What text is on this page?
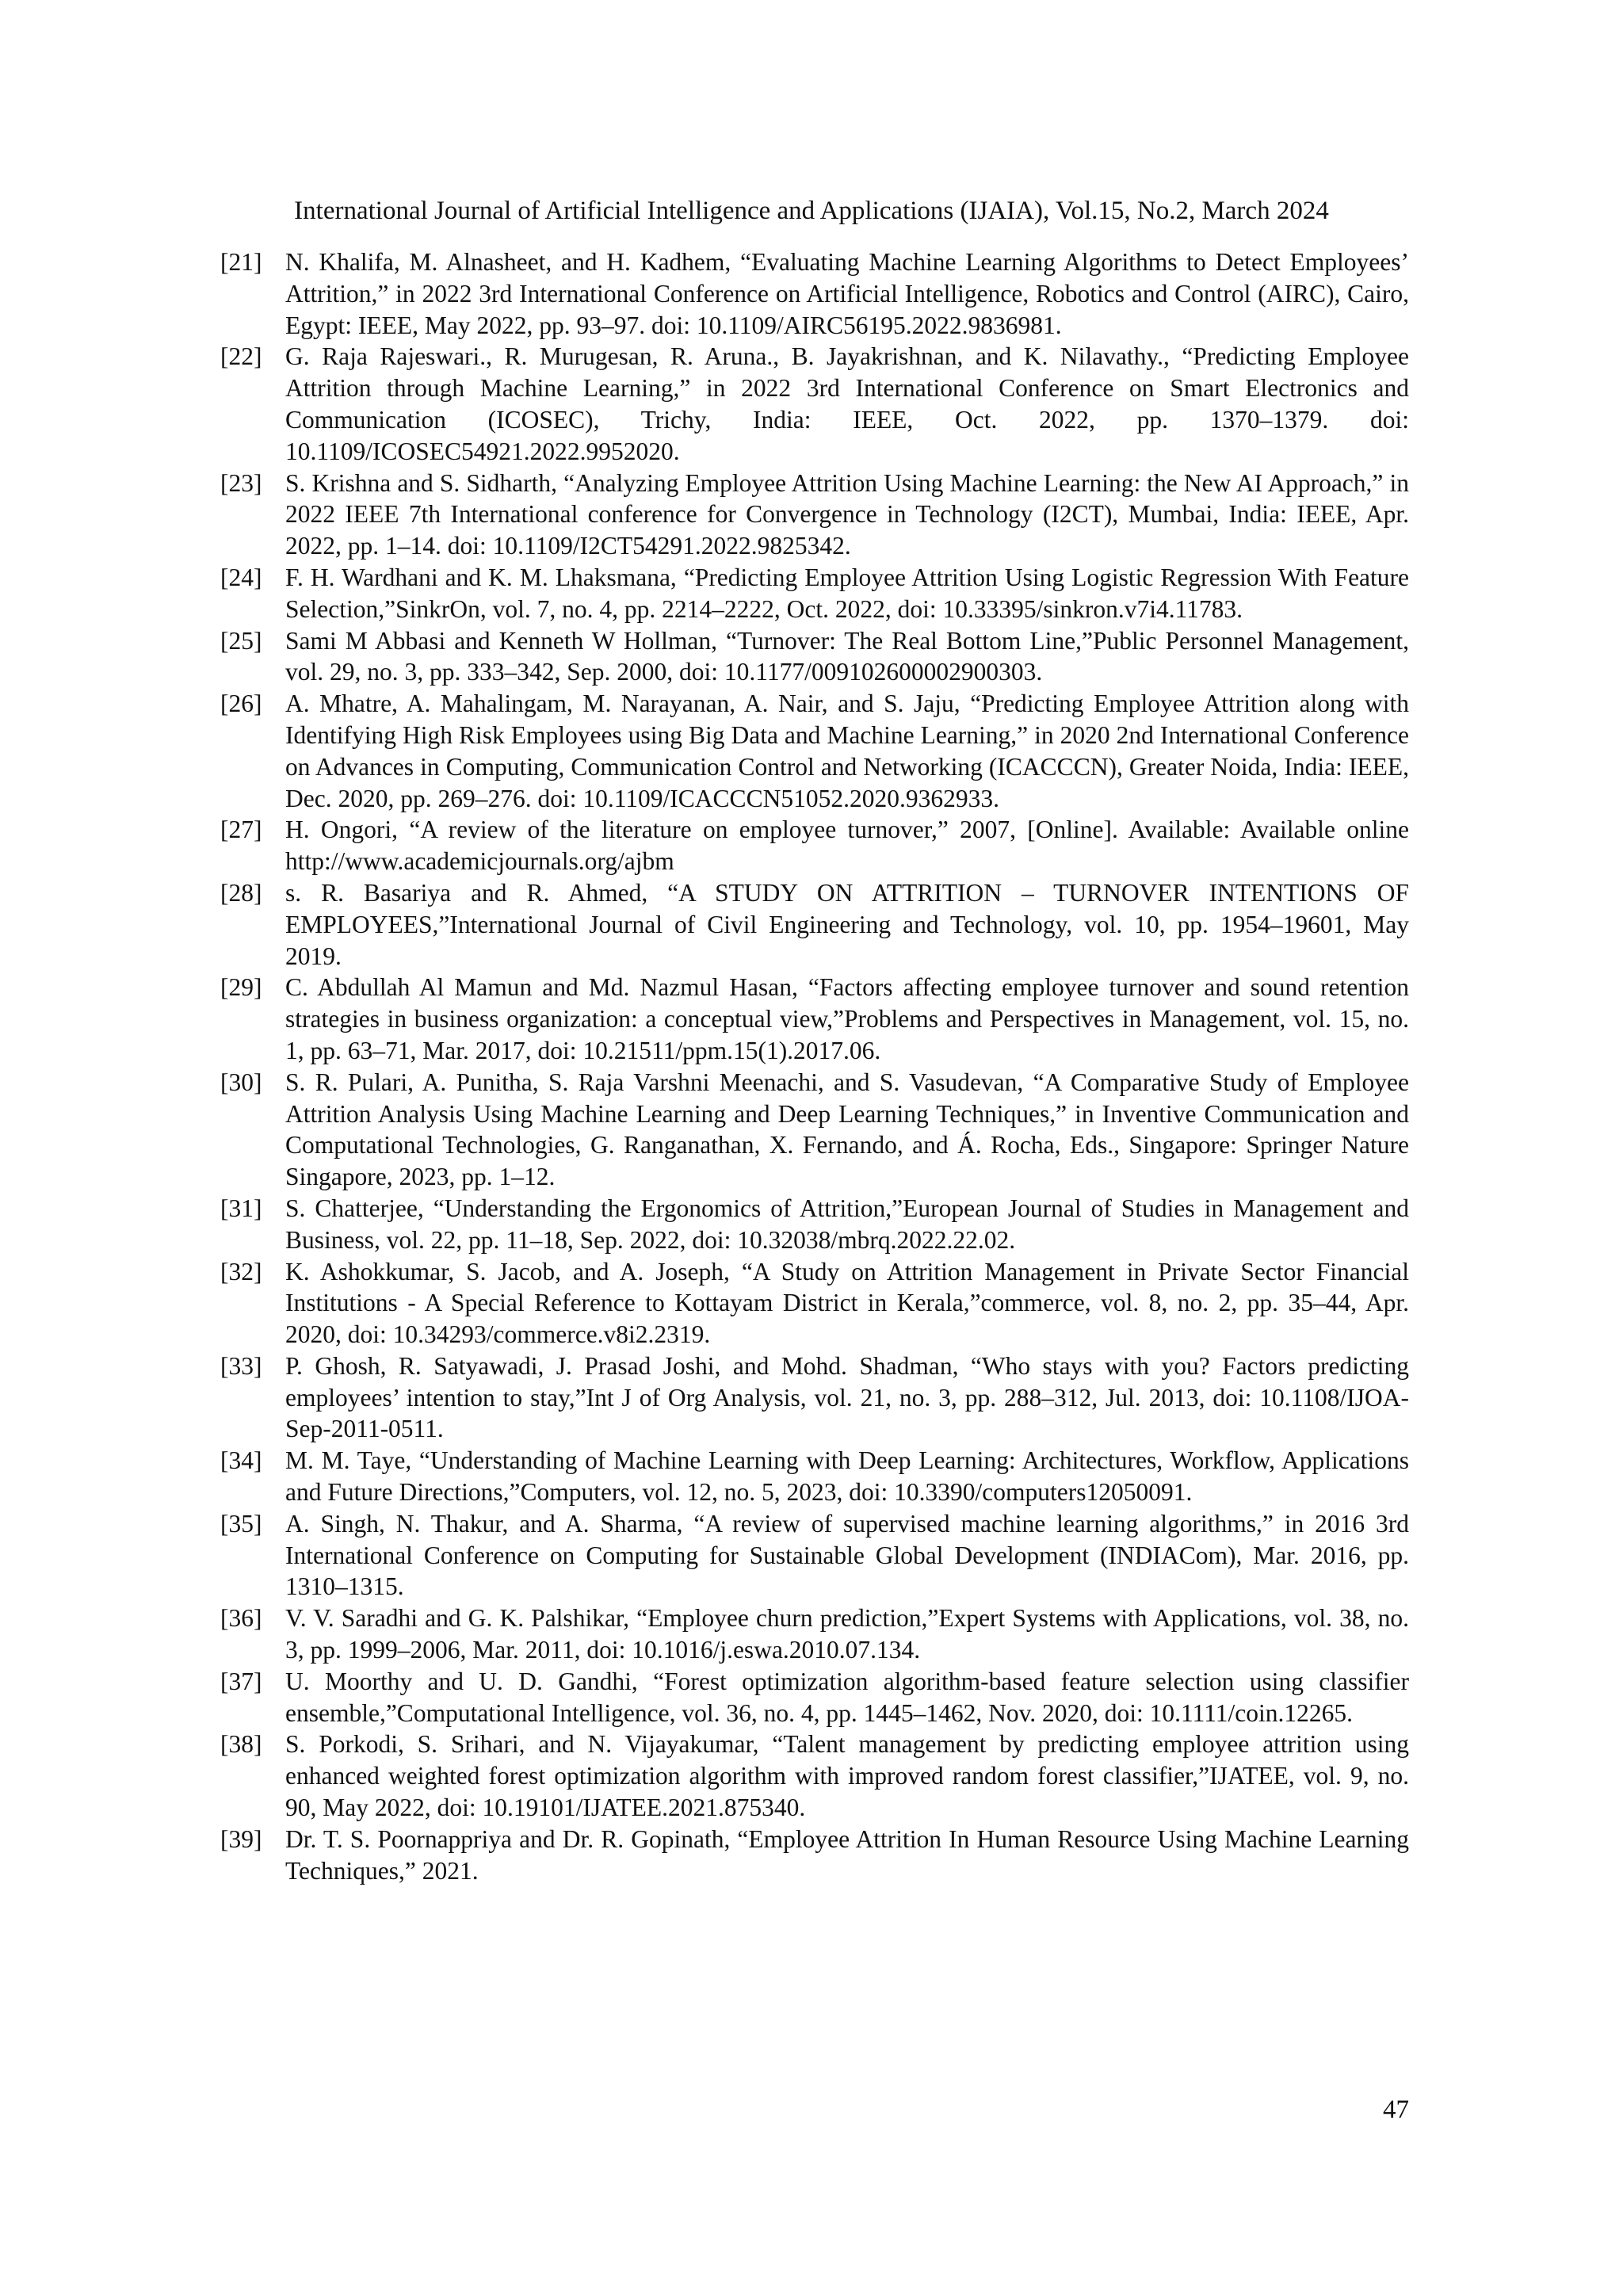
International Journal of Artificial Intelligence and Applications (IJAIA), Vol.15, No.2, March 2024
[21] N. Khalifa, M. Alnasheet, and H. Kadhem, “Evaluating Machine Learning Algorithms to Detect Employees’ Attrition,” in 2022 3rd International Conference on Artificial Intelligence, Robotics and Control (AIRC), Cairo, Egypt: IEEE, May 2022, pp. 93–97. doi: 10.1109/AIRC56195.2022.9836981.
[22] G. Raja Rajeswari., R. Murugesan, R. Aruna., B. Jayakrishnan, and K. Nilavathy., “Predicting Employee Attrition through Machine Learning,” in 2022 3rd International Conference on Smart Electronics and Communication (ICOSEC), Trichy, India: IEEE, Oct. 2022, pp. 1370–1379. doi: 10.1109/ICOSEC54921.2022.9952020.
[23] S. Krishna and S. Sidharth, “Analyzing Employee Attrition Using Machine Learning: the New AI Approach,” in 2022 IEEE 7th International conference for Convergence in Technology (I2CT), Mumbai, India: IEEE, Apr. 2022, pp. 1–14. doi: 10.1109/I2CT54291.2022.9825342.
[24] F. H. Wardhani and K. M. Lhaksmana, “Predicting Employee Attrition Using Logistic Regression With Feature Selection,”SinkrOn, vol. 7, no. 4, pp. 2214–2222, Oct. 2022, doi: 10.33395/sinkron.v7i4.11783.
[25] Sami M Abbasi and Kenneth W Hollman, “Turnover: The Real Bottom Line,”Public Personnel Management, vol. 29, no. 3, pp. 333–342, Sep. 2000, doi: 10.1177/009102600002900303.
[26] A. Mhatre, A. Mahalingam, M. Narayanan, A. Nair, and S. Jaju, “Predicting Employee Attrition along with Identifying High Risk Employees using Big Data and Machine Learning,” in 2020 2nd International Conference on Advances in Computing, Communication Control and Networking (ICACCCN), Greater Noida, India: IEEE, Dec. 2020, pp. 269–276. doi: 10.1109/ICACCCN51052.2020.9362933.
[27] H. Ongori, “A review of the literature on employee turnover,” 2007, [Online]. Available: Available online http://www.academicjournals.org/ajbm
[28] s. R. Basariya and R. Ahmed, “A STUDY ON ATTRITION – TURNOVER INTENTIONS OF EMPLOYEES,”International Journal of Civil Engineering and Technology, vol. 10, pp. 1954–19601, May 2019.
[29] C. Abdullah Al Mamun and Md. Nazmul Hasan, “Factors affecting employee turnover and sound retention strategies in business organization: a conceptual view,”Problems and Perspectives in Management, vol. 15, no. 1, pp. 63–71, Mar. 2017, doi: 10.21511/ppm.15(1).2017.06.
[30] S. R. Pulari, A. Punitha, S. Raja Varshni Meenachi, and S. Vasudevan, “A Comparative Study of Employee Attrition Analysis Using Machine Learning and Deep Learning Techniques,” in Inventive Communication and Computational Technologies, G. Ranganathan, X. Fernando, and Á. Rocha, Eds., Singapore: Springer Nature Singapore, 2023, pp. 1–12.
[31] S. Chatterjee, “Understanding the Ergonomics of Attrition,”European Journal of Studies in Management and Business, vol. 22, pp. 11–18, Sep. 2022, doi: 10.32038/mbrq.2022.22.02.
[32] K. Ashokkumar, S. Jacob, and A. Joseph, “A Study on Attrition Management in Private Sector Financial Institutions - A Special Reference to Kottayam District in Kerala,”commerce, vol. 8, no. 2, pp. 35–44, Apr. 2020, doi: 10.34293/commerce.v8i2.2319.
[33] P. Ghosh, R. Satyawadi, J. Prasad Joshi, and Mohd. Shadman, “Who stays with you? Factors predicting employees’ intention to stay,”Int J of Org Analysis, vol. 21, no. 3, pp. 288–312, Jul. 2013, doi: 10.1108/IJOA-Sep-2011-0511.
[34] M. M. Taye, “Understanding of Machine Learning with Deep Learning: Architectures, Workflow, Applications and Future Directions,”Computers, vol. 12, no. 5, 2023, doi: 10.3390/computers12050091.
[35] A. Singh, N. Thakur, and A. Sharma, “A review of supervised machine learning algorithms,” in 2016 3rd International Conference on Computing for Sustainable Global Development (INDIACom), Mar. 2016, pp. 1310–1315.
[36] V. V. Saradhi and G. K. Palshikar, “Employee churn prediction,”Expert Systems with Applications, vol. 38, no. 3, pp. 1999–2006, Mar. 2011, doi: 10.1016/j.eswa.2010.07.134.
[37] U. Moorthy and U. D. Gandhi, “Forest optimization algorithm-based feature selection using classifier ensemble,”Computational Intelligence, vol. 36, no. 4, pp. 1445–1462, Nov. 2020, doi: 10.1111/coin.12265.
[38] S. Porkodi, S. Srihari, and N. Vijayakumar, “Talent management by predicting employee attrition using enhanced weighted forest optimization algorithm with improved random forest classifier,”IJATEE, vol. 9, no. 90, May 2022, doi: 10.19101/IJATEE.2021.875340.
[39] Dr. T. S. Poornappriya and Dr. R. Gopinath, “Employee Attrition In Human Resource Using Machine Learning Techniques,” 2021.
47
